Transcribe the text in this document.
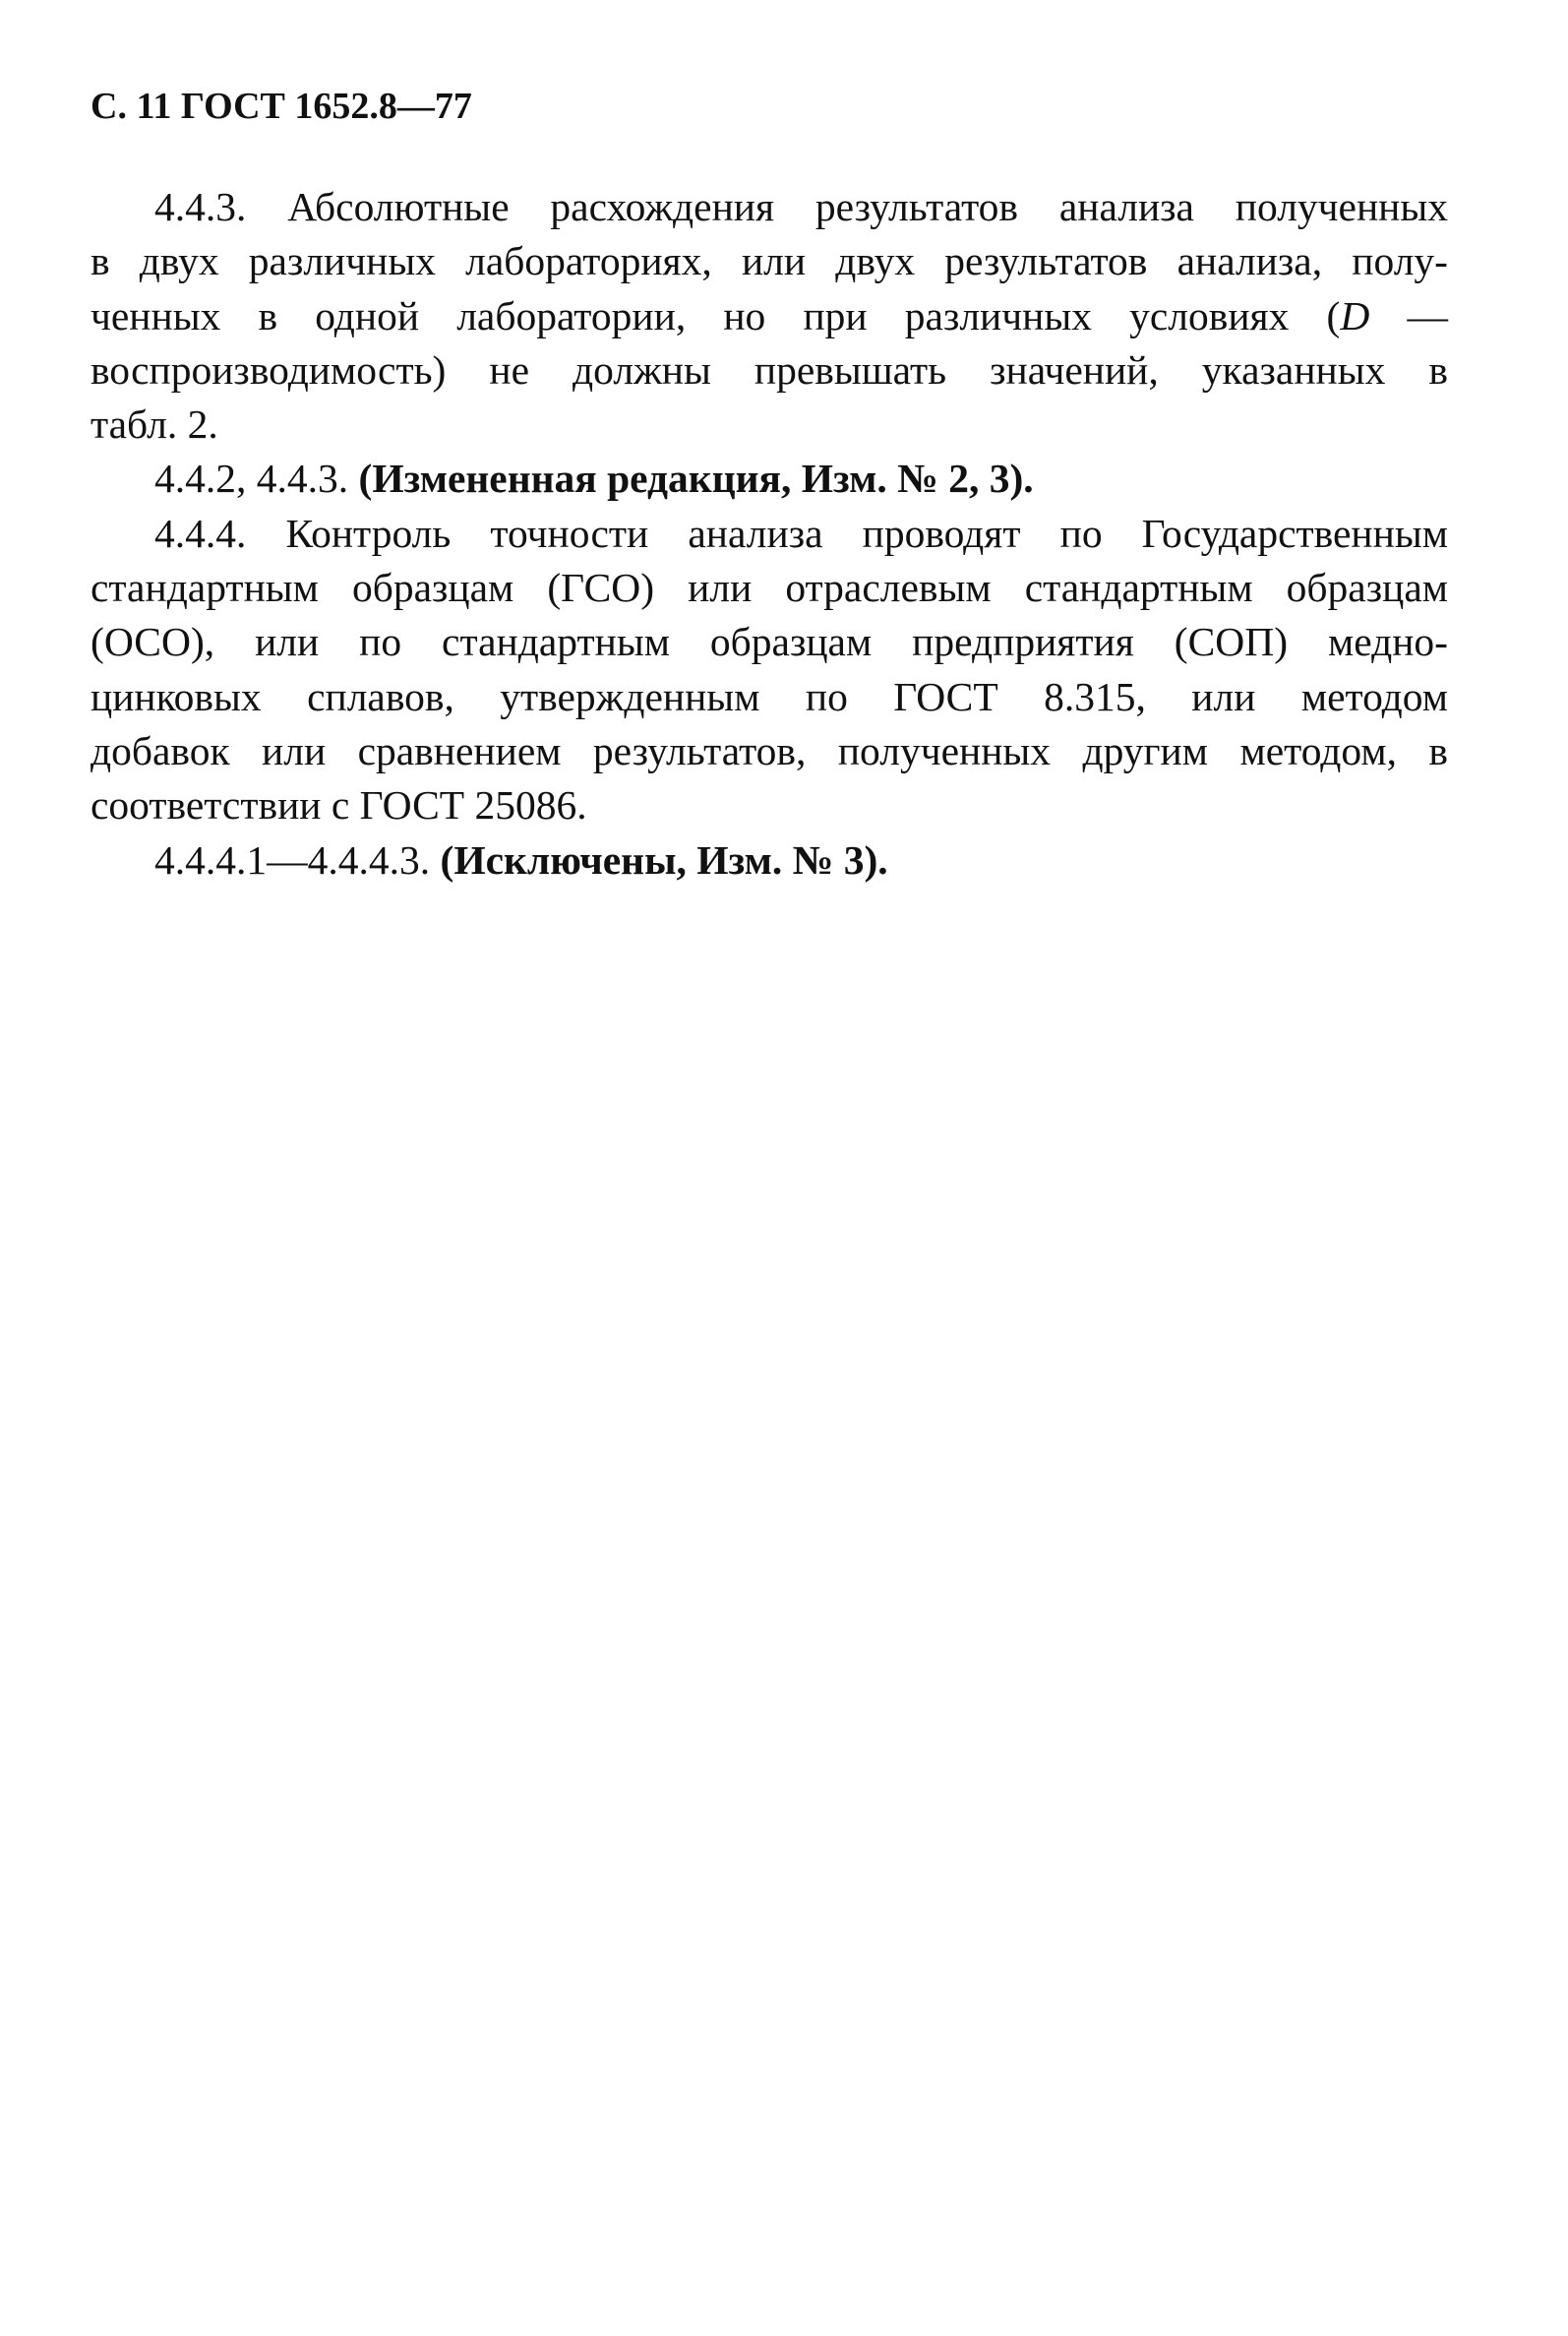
С. 11 ГОСТ 1652.8—77
4.4.3. Абсолютные расхождения результатов анализа полученных
в двух различных лабораториях, или двух результатов анализа, полу-
ченных в одной лаборатории, но при различных условиях (D —
воспроизводимость) не должны превышать значений, указанных в
табл. 2.
4.4.2, 4.4.3. (Измененная редакция, Изм. № 2, 3).
4.4.4. Контроль точности анализа проводят по Государственным
стандартным образцам (ГСО) или отраслевым стандартным образцам
(ОСО), или по стандартным образцам предприятия (СОП) медно-
цинковых сплавов, утвержденным по ГОСТ 8.315, или методом
добавок или сравнением результатов, полученных другим методом, в
соответствии с ГОСТ 25086.
4.4.4.1—4.4.4.3. (Исключены, Изм. № 3).
